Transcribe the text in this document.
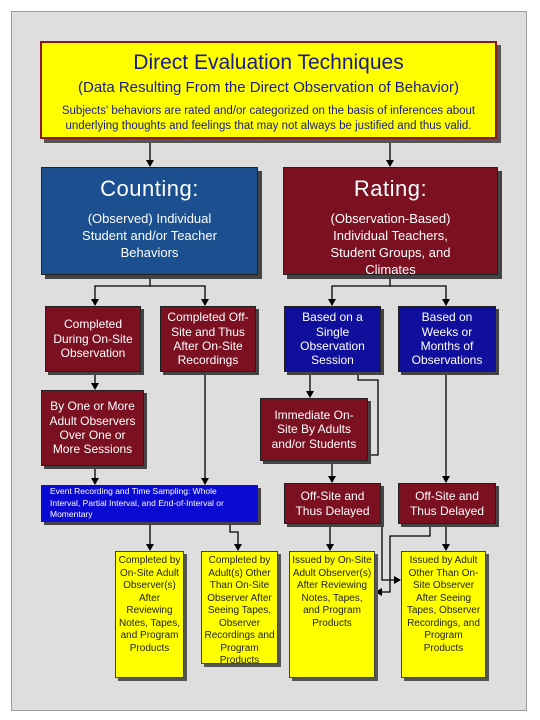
Direct Evaluation Techniques
(Data Resulting From the Direct Observation of Behavior)
Subjects' behaviors are rated and/or categorized on the basis of inferences about underlying thoughts and feelings that may not always be justified and thus valid.
Counting:
(Observed) Individual Student and/or Teacher Behaviors
Rating:
(Observation-Based) Individual Teachers, Student Groups, and Climates
Completed During On-Site Observation
Completed Off-Site and Thus After On-Site Recordings
Based on a Single Observation Session
Based on Weeks or Months of Observations
By One or More Adult Observers Over One or More Sessions
Immediate On-Site By Adults and/or Students
Event Recording and Time Sampling: Whole Interval, Partial Interval, and End-of-Interval or Momentary
Off-Site and Thus Delayed
Off-Site and Thus Delayed
Completed by On-Site Adult Observer(s) After Reviewing Notes, Tapes, and Program Products
Completed by Adult(s) Other Than On-Site Observer After Seeing Tapes, Observer Recordings and Program Products
Issued by On-Site Adult Observer(s) After Reviewing Notes, Tapes, and Program Products
Issued by Adult Other Than On-Site Observer After Seeing Tapes, Observer Recordings, and Program Products
